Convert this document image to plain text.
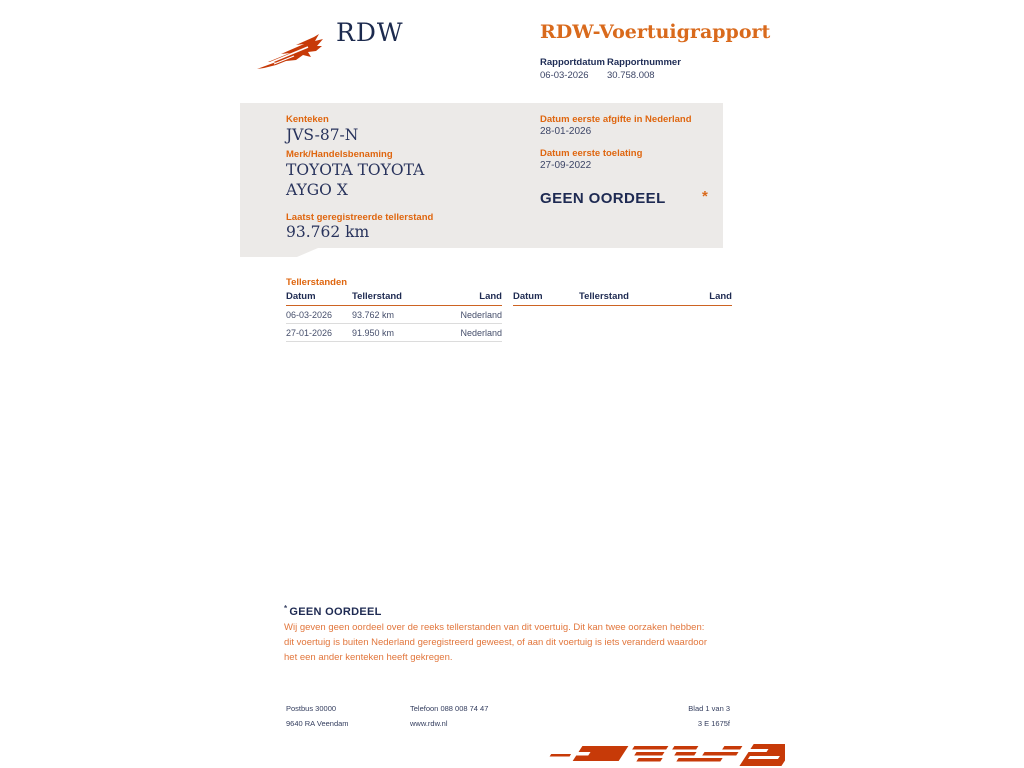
RDW	RDW-Voertuigrapport
Rapportdatum
06-03-2026
Rapportnummer
30.758.008
Kenteken
JVS-87-N
Merk/Handelsbenaming
TOYOTA TOYOTA
AYGO X
Laatst geregistreerde tellerstand
93.762 km
Datum eerste afgifte in Nederland
28-01-2026
Datum eerste toelating
27-09-2022
GEEN OORDEEL *
Tellerstanden
Datum	Tellerstand	Land
06-03-2026	93.762 km	Nederland
27-01-2026	91.950 km	Nederland
Datum	Tellerstand	Land
* GEEN OORDEEL
Wij geven geen oordeel over de reeks tellerstanden van dit voertuig. Dit kan twee oorzaken hebben: dit voertuig is buiten Nederland geregistreerd geweest, of aan dit voertuig is iets veranderd waardoor het een ander kenteken heeft gekregen.
Postbus 30000
9640 RA Veendam
Telefoon 088 008 74 47
www.rdw.nl
Blad 1 van 3
3 E 1675f
